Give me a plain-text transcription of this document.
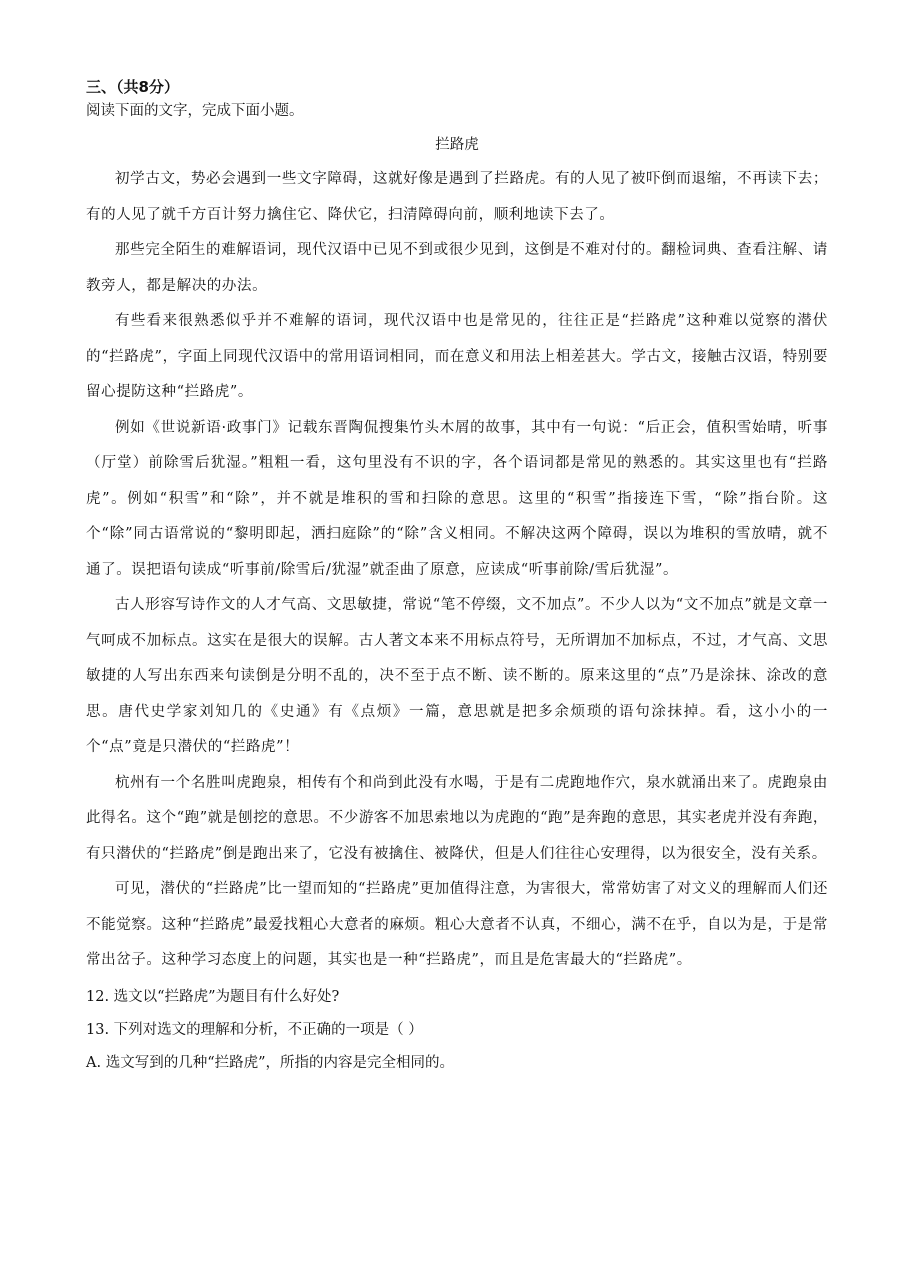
三、（共8分）

阅读下面的文字，完成下面小题。

拦路虎

初学古文，势必会遇到一些文字障碍，这就好像是遇到了拦路虎。有的人见了被吓倒而退缩，不再读下去；有的人见了就千方百计努力擒住它、降伏它，扫清障碍向前，顺利地读下去了。

那些完全陌生的难解语词，现代汉语中已见不到或很少见到，这倒是不难对付的。翻检词典、查看注解、请教旁人，都是解决的办法。

有些看来很熟悉似乎并不难解的语词，现代汉语中也是常见的，往往正是“拦路虎”这种难以觉察的潜伏的“拦路虎”，字面上同现代汉语中的常用语词相同，而在意义和用法上相差甚大。学古文，接触古汉语，特别要留心提防这种“拦路虎”。

例如《世说新语·政事门》记载东晋陶侃搜集竹头木屑的故事，其中有一句说：“后正会，值积雪始晴，听事（厅堂）前除雪后犹湿。”粗粗一看，这句里没有不识的字，各个语词都是常见的熟悉的。其实这里也有“拦路虎”。例如“积雪”和“除”，并不就是堆积的雪和扫除的意思。这里的“积雪”指接连下雪，“除”指台阶。这个“除”同古语常说的“黎明即起，洒扫庭除”的“除”含义相同。不解决这两个障碍，误以为堆积的雪放晴，就不通了。误把语句读成“听事前/除雪后/犹湿”就歪曲了原意，应读成“听事前除/雪后犹湿”。

古人形容写诗作文的人才气高、文思敏捷，常说“笔不停缀，文不加点”。不少人以为“文不加点”就是文章一气呵成不加标点。这实在是很大的误解。古人著文本来不用标点符号，无所谓加不加标点，不过，才气高、文思敏捷的人写出东西来句读倒是分明不乱的，决不至于点不断、读不断的。原来这里的“点”乃是涂抹、涂改的意思。唐代史学家刘知几的《史通》有《点烦》一篇，意思就是把多余烦琐的语句涂抹掉。看，这小小的一个“点”竟是只潜伏的“拦路虎”！

杭州有一个名胜叫虎跑泉，相传有个和尚到此没有水喝，于是有二虎跑地作穴，泉水就涌出来了。虎跑泉由此得名。这个“跑”就是刨挖的意思。不少游客不加思索地以为虎跑的“跑”是奔跑的意思，其实老虎并没有奔跑，有只潜伏的“拦路虎”倒是跑出来了，它没有被擒住、被降伏，但是人们往往心安理得，以为很安全，没有关系。

可见，潜伏的“拦路虎”比一望而知的“拦路虎”更加值得注意，为害很大，常常妨害了对文义的理解而人们还不能觉察。这种“拦路虎”最爱找粗心大意者的麻烦。粗心大意者不认真，不细心，满不在乎，自以为是，于是常常出岔子。这种学习态度上的问题，其实也是一种“拦路虎”，而且是危害最大的“拦路虎”。

12. 选文以“拦路虎”为题目有什么好处?

13. 下列对选文的理解和分析，不正确的一项是（ ）

A. 选文写到的几种“拦路虎”，所指的内容是完全相同的。
